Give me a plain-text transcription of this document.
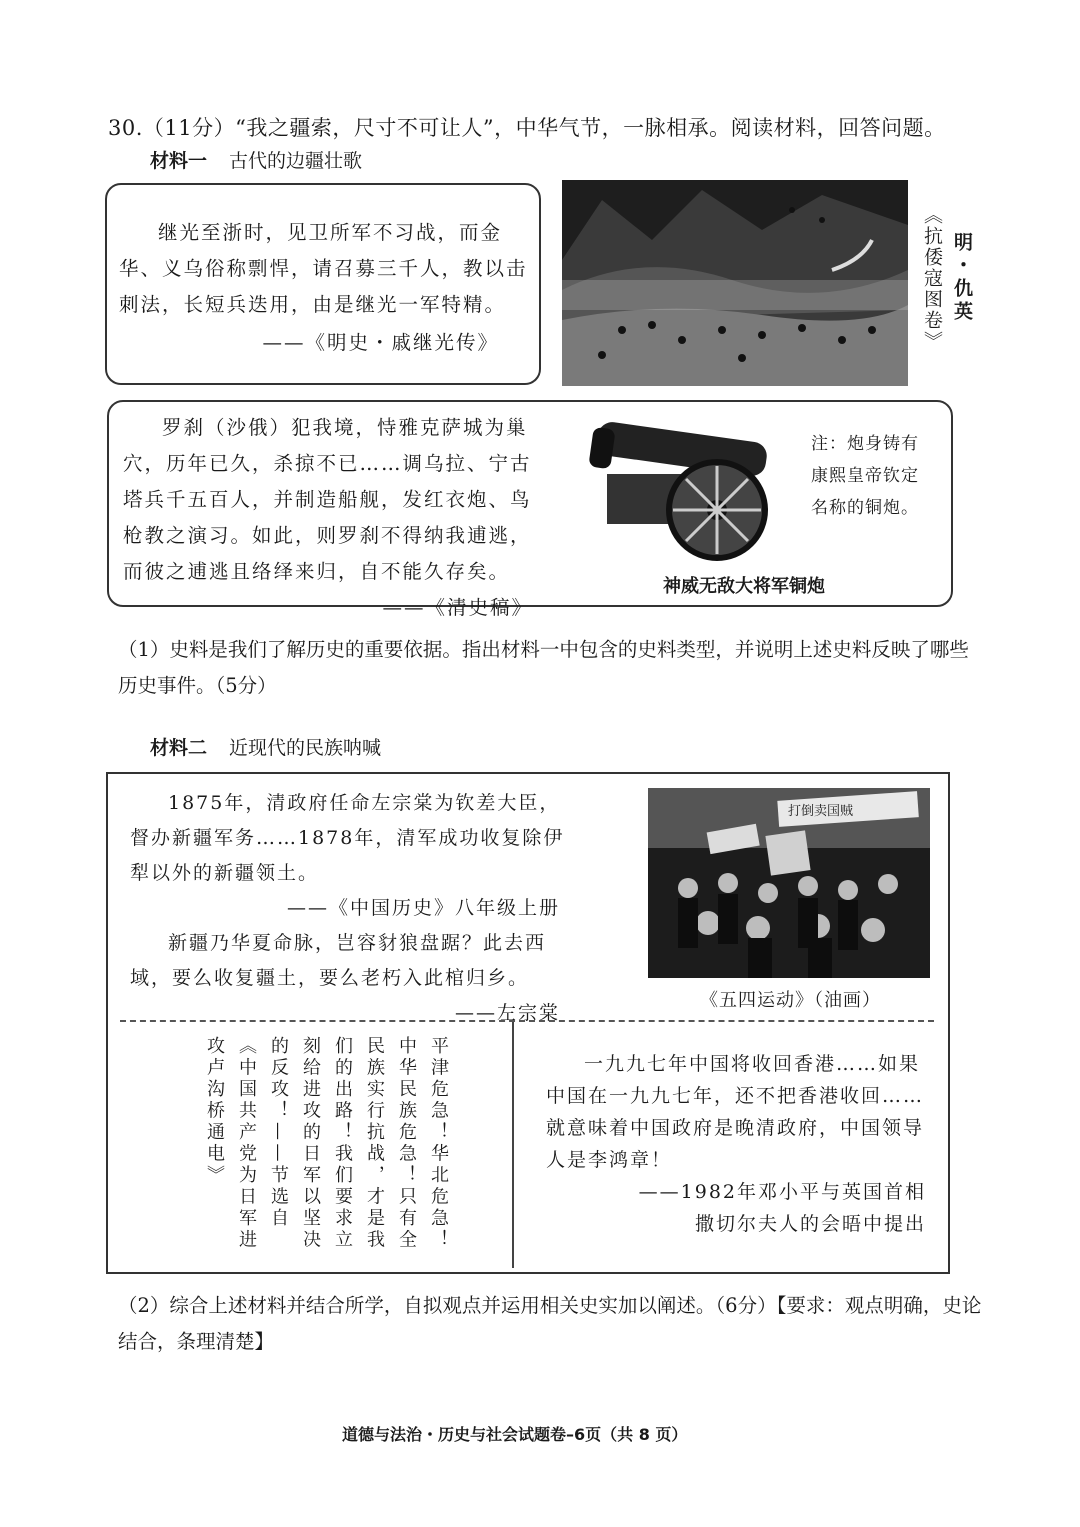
30.（11分）“我之疆索，尺寸不可让人”，中华气节，一脉相承。阅读材料，回答问题。
材料一 古代的边疆壮歌

继光至浙时，见卫所军不习战，而金华、义乌俗称剽悍，请召募三千人，教以击刺法，长短兵迭用，由是继光一军特精。

——《明史・戚继光传》	《抗倭寇图卷》 明・仇英

罗刹（沙俄）犯我境，恃雅克萨城为巢穴，历年已久，杀掠不已……调乌拉、宁古塔兵千五百人，并制造船舰，发红衣炮、鸟枪教之演习。如此，则罗刹不得纳我逋逃，而彼之逋逃且络绎来归，自不能久存矣。

——《清史稿》
注：炮身铸有康熙皇帝钦定名称的铜炮。
神威无敌大将军铜炮
（1）史料是我们了解历史的重要依据。指出材料一中包含的史料类型，并说明上述史料反映了哪些历史事件。（5分）
材料二 近现代的民族呐喊

1875年，清政府任命左宗棠为钦差大臣，督办新疆军务……1878年，清军成功收复除伊犁以外的新疆领土。

——《中国历史》八年级上册

新疆乃华夏命脉，岂容豺狼盘踞？此去西域，要么收复疆土，要么老朽入此棺归乡。

——左宗棠
打倒卖国贼
《五四运动》（油画）
平津危急！华北危急！中华民族危急！只有全民族实行抗战，才是我们的出路！我们要求立刻给进攻的日军以坚决的反攻！——节选自《中国共产党为日军进攻卢沟桥通电》	一九九七年中国将收回香港……如果中国在一九九七年，还不把香港收回……就意味着中国政府是晚清政府，中国领导人是李鸿章！

——1982年邓小平与英国首相
撒切尔夫人的会晤中提出
（2）综合上述材料并结合所学，自拟观点并运用相关史实加以阐述。（6分）【要求：观点明确，史论结合，条理清楚】
道德与法治・历史与社会试题卷–6页（共 8 页）
